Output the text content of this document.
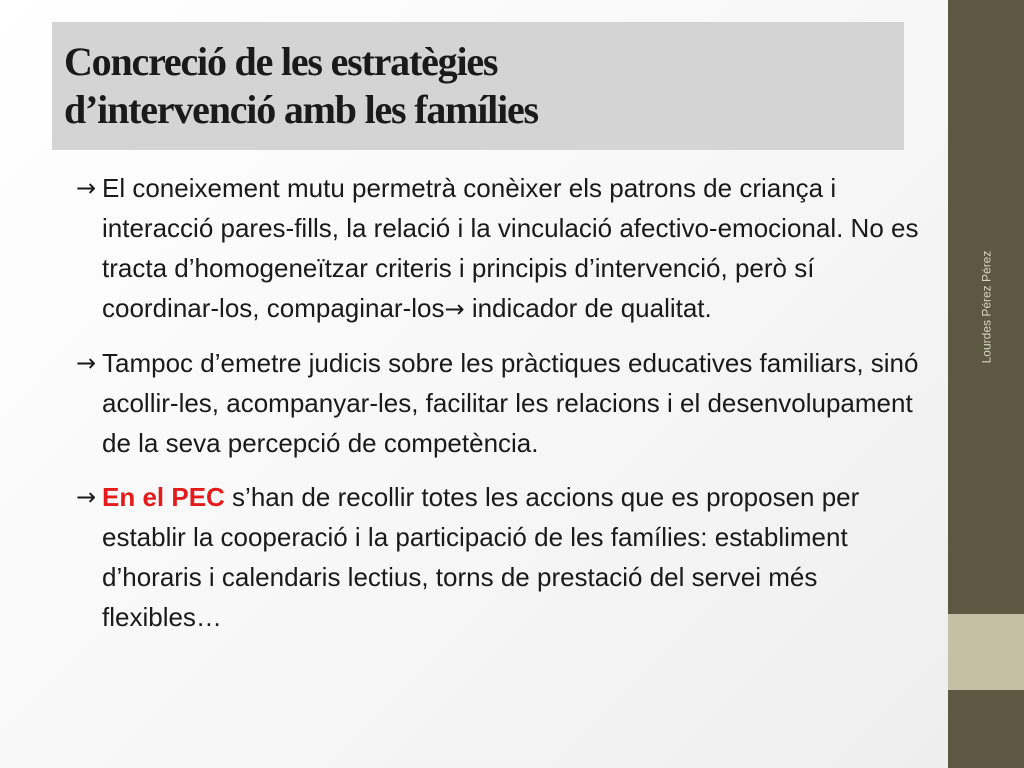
Lourdes Pérez Pérez
Concreció de les estratègies
d’intervenció amb les famílies

→ El coneixement mutu permetrà conèixer els patrons de criança i interacció pares-fills, la relació i la vinculació afectivo-emocional. No es tracta d’homogeneïtzar criteris i principis d’intervenció, però sí coordinar-los, compaginar-los→ indicador de qualitat.

→ Tampoc d’emetre judicis sobre les pràctiques educatives familiars, sinó acollir-les, acompanyar-les, facilitar les relacions i el desenvolupament de la seva percepció de competència.

→ En el PEC s’han de recollir totes les accions que es proposen per establir la cooperació i la participació de les famílies: establiment d’horaris i calendaris lectius, torns de prestació del servei més flexibles…
